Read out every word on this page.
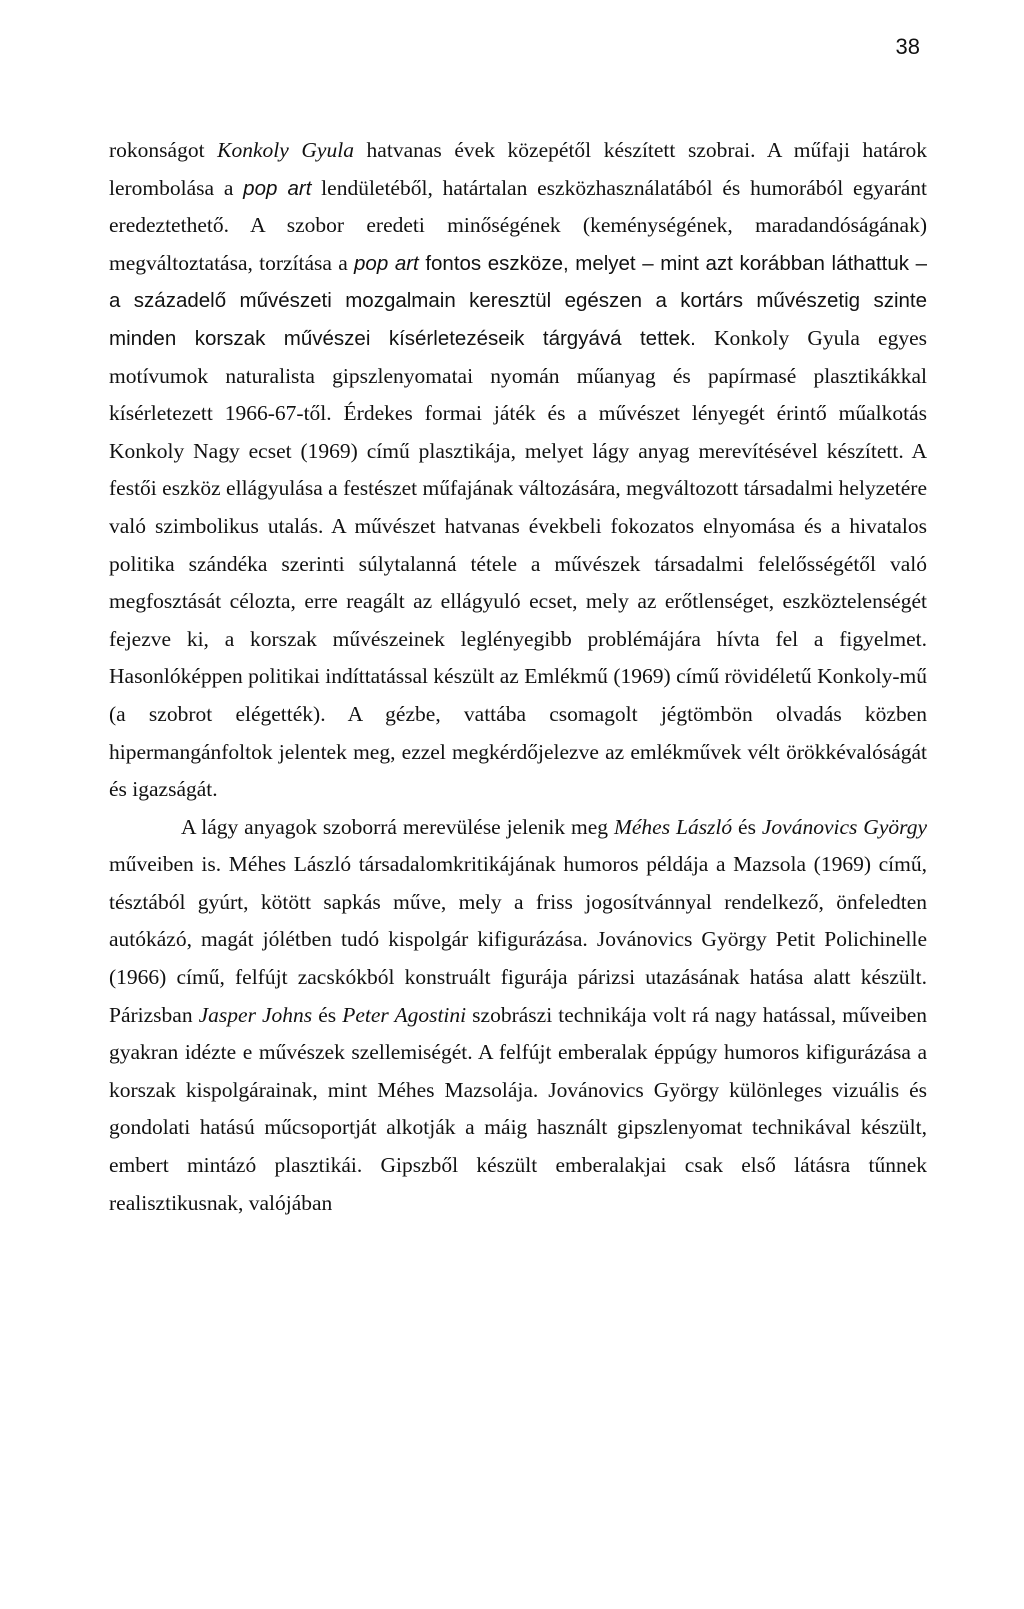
38

rokonságot Konkoly Gyula hatvanas évek közepétől készített szobrai. A műfaji határok lerombolása a pop art lendületéből, határtalan eszközhasználatából és humorából egyaránt eredeztethető. A szobor eredeti minőségének (keménységének, maradandóságának) megváltoztatása, torzítása a pop art fontos eszköze, melyet – mint azt korábban láthattuk – a századelő művészeti mozgalmain keresztül egészen a kortárs művészetig szinte minden korszak művészei kísérletezéseik tárgyává tettek. Konkoly Gyula egyes motívumok naturalista gipszlenyomatai nyomán műanyag és papírmasé plasztikákkal kísérletezett 1966-67-től. Érdekes formai játék és a művészet lényegét érintő műalkotás Konkoly Nagy ecset (1969) című plasztikája, melyet lágy anyag merevítésével készített. A festői eszköz ellágyulása a festészet műfajának változására, megváltozott társadalmi helyzetére való szimbolikus utalás. A művészet hatvanas évekbeli fokozatos elnyomása és a hivatalos politika szándéka szerinti súlytalanná tétele a művészek társadalmi felelősségétől való megfosztását célozta, erre reagált az ellágyuló ecset, mely az erőtlenséget, eszköztelenségét fejezve ki, a korszak művészeinek leglényegibb problémájára hívta fel a figyelmet. Hasonlóképpen politikai indíttatással készült az Emlékmű (1969) című rövidéletű Konkoly-mű (a szobrot elégették). A gézbe, vattába csomagolt jégtömbön olvadás közben hipermangánfoltok jelentek meg, ezzel megkérdőjelezve az emlékművek vélt örökkévalóságát és igazságát.

A lágy anyagok szoborrá merevülése jelenik meg Méhes László és Jovánovics György műveiben is. Méhes László társadalomkritikájának humoros példája a Mazsola (1969) című, tésztából gyúrt, kötött sapkás műve, mely a friss jogosítvánnyal rendelkező, önfeledten autókázó, magát jólétben tudó kispolgár kifigurázása. Jovánovics György Petit Polichinelle (1966) című, felfújt zacskókból konstruált figurája párizsi utazásának hatása alatt készült. Párizsban Jasper Johns és Peter Agostini szobrászi technikája volt rá nagy hatással, műveiben gyakran idézte e művészek szellemiségét. A felfújt emberalak éppúgy humoros kifigurázása a korszak kispolgárainak, mint Méhes Mazsolája. Jovánovics György különleges vizuális és gondolati hatású műcsoportját alkotják a máig használt gipszlenyomat technikával készült, embert mintázó plasztikái. Gipszből készült emberalakjai csak első látásra tűnnek realisztikusnak, valójában
